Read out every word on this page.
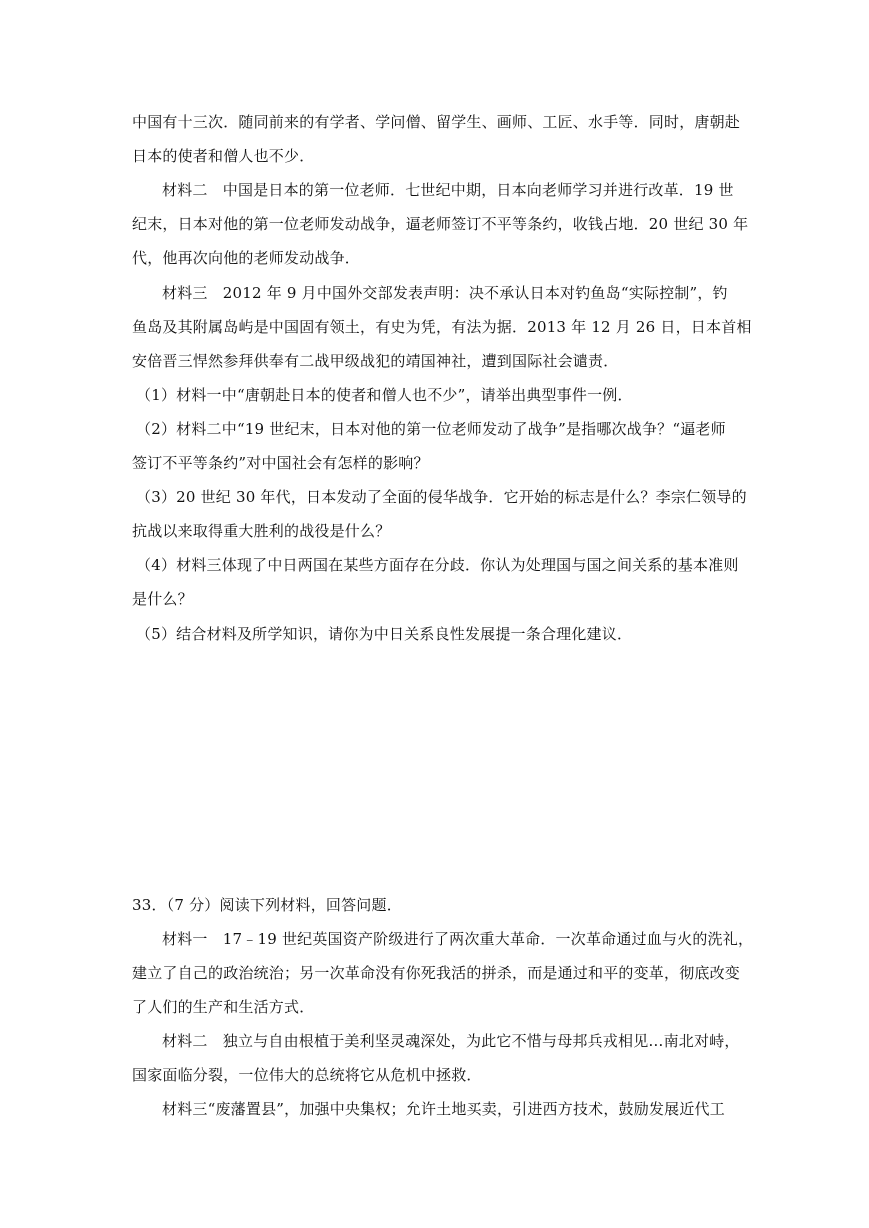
中国有十三次．随同前来的有学者、学问僧、留学生、画师、工匠、水手等．同时，唐朝赴
日本的使者和僧人也不少．
材料二　中国是日本的第一位老师．七世纪中期，日本向老师学习并进行改革．19 世
纪末，日本对他的第一位老师发动战争，逼老师签订不平等条约，收钱占地．20 世纪 30 年
代，他再次向他的老师发动战争．
材料三　2012 年 9 月中国外交部发表声明：决不承认日本对钓鱼岛“实际控制”，钓
鱼岛及其附属岛屿是中国固有领土，有史为凭，有法为据．2013 年 12 月 26 日，日本首相
安倍晋三悍然参拜供奉有二战甲级战犯的靖国神社，遭到国际社会谴责．
（1）材料一中“唐朝赴日本的使者和僧人也不少”，请举出典型事件一例．
（2）材料二中“19 世纪末，日本对他的第一位老师发动了战争”是指哪次战争？“逼老师
签订不平等条约”对中国社会有怎样的影响？
（3）20 世纪 30 年代，日本发动了全面的侵华战争．它开始的标志是什么？李宗仁领导的
抗战以来取得重大胜利的战役是什么？
（4）材料三体现了中日两国在某些方面存在分歧．你认为处理国与国之间关系的基本准则
是什么？
（5）结合材料及所学知识，请你为中日关系良性发展提一条合理化建议．
33．（7 分）阅读下列材料，回答问题．
材料一　17﹣19 世纪英国资产阶级进行了两次重大革命．一次革命通过血与火的洗礼，
建立了自己的政治统治；另一次革命没有你死我活的拼杀，而是通过和平的变革，彻底改变
了人们的生产和生活方式．
材料二　独立与自由根植于美利坚灵魂深处，为此它不惜与母邦兵戎相见…南北对峙，
国家面临分裂，一位伟大的总统将它从危机中拯救．
材料三“废藩置县”，加强中央集权；允许土地买卖，引进西方技术，鼓励发展近代工
